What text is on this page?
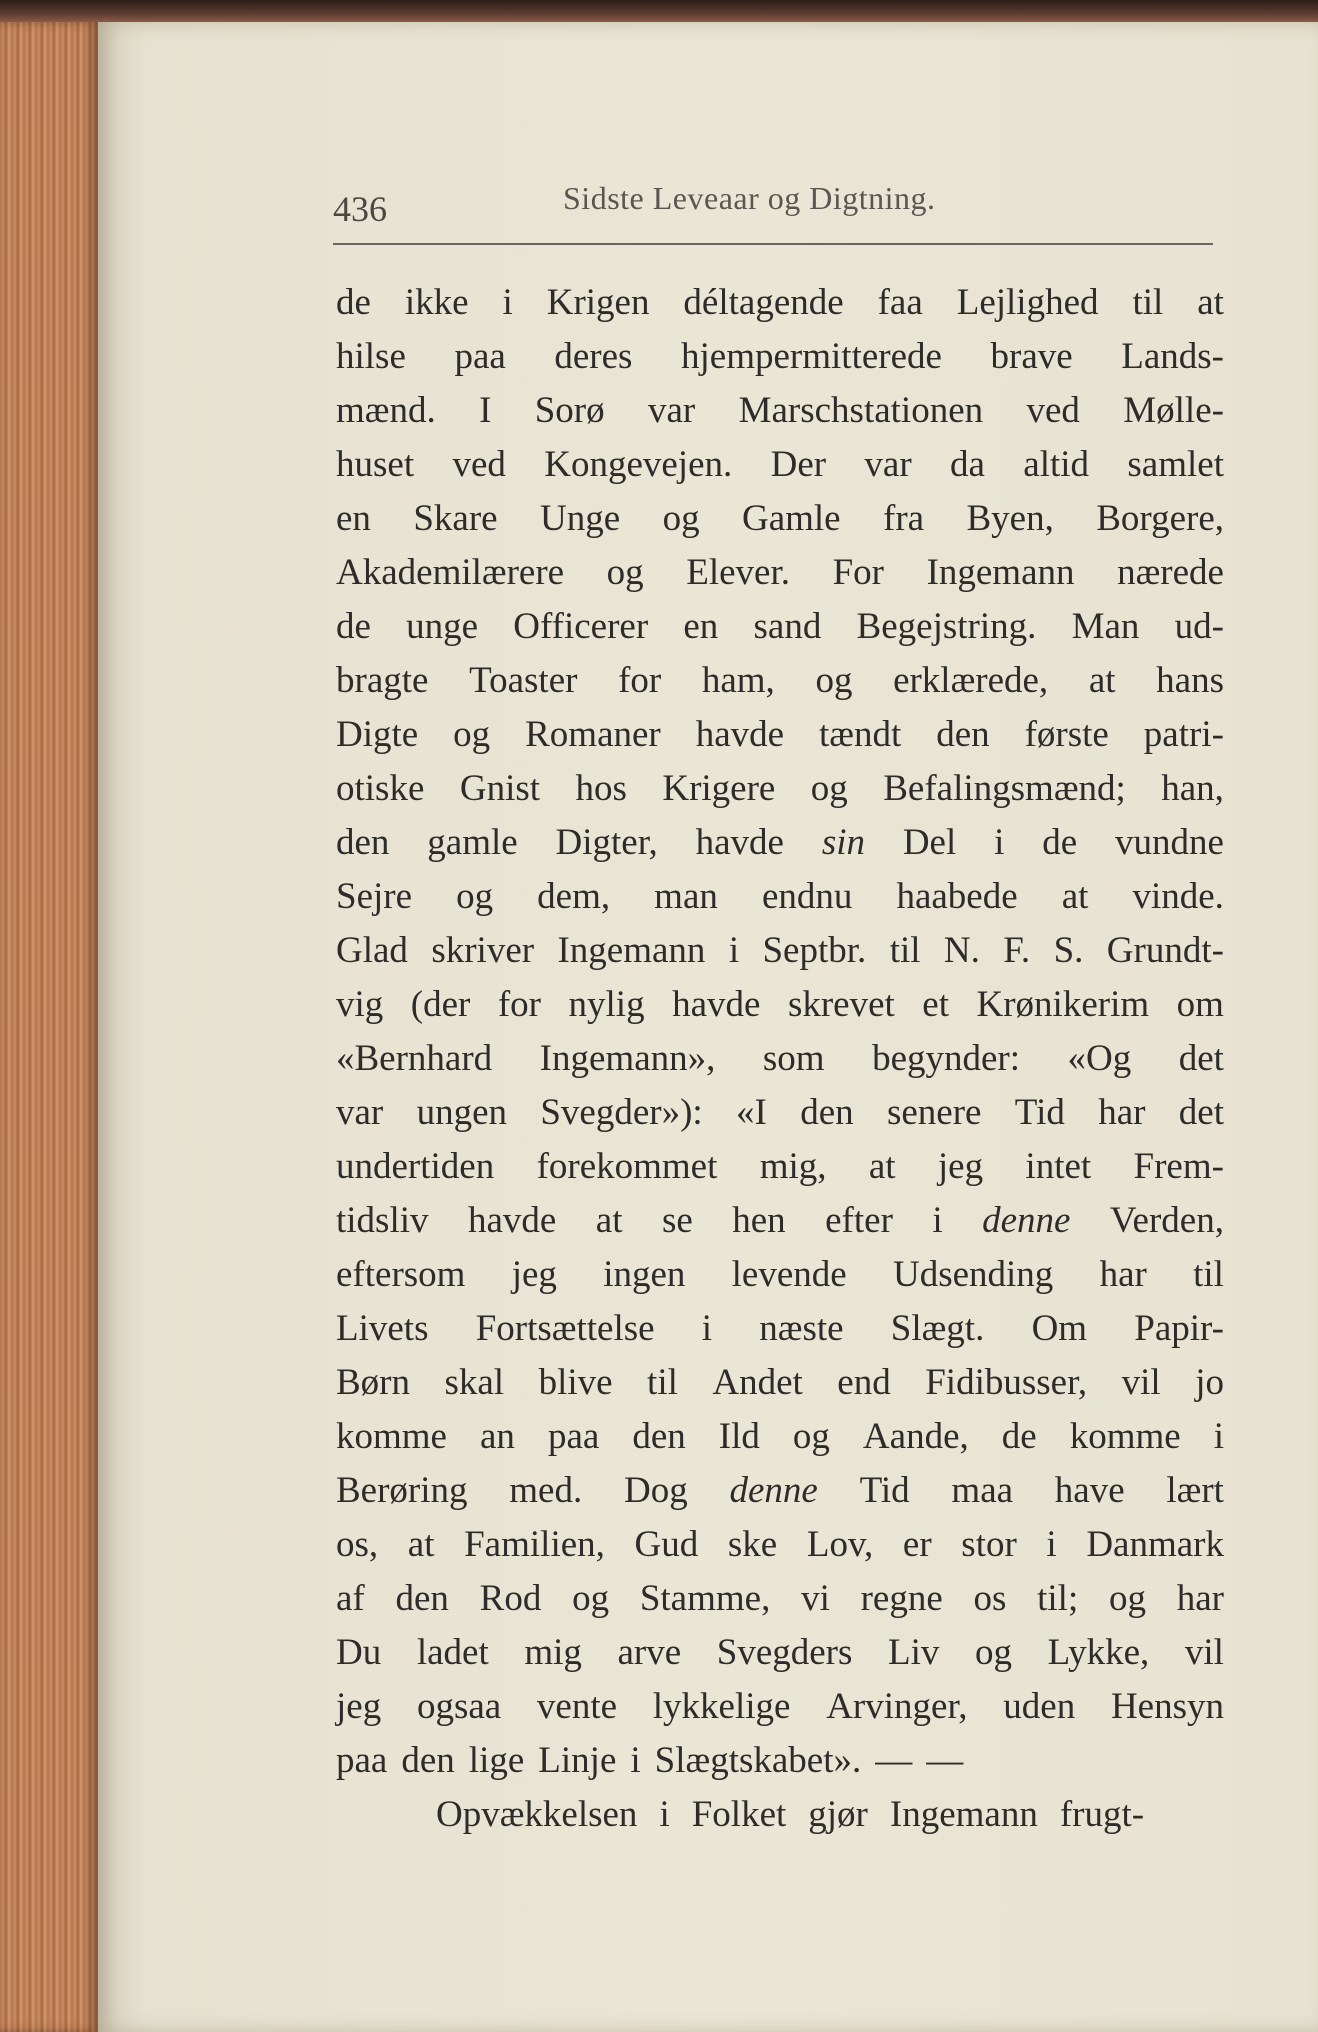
436	Sidste Leveaar og Digtning.
de ikke i Krigen déltagende faa Lejlighed til at
hilse paa deres hjempermitterede brave Lands-
mænd. I Sorø var Marschstationen ved Mølle-
huset ved Kongevejen. Der var da altid samlet
en Skare Unge og Gamle fra Byen, Borgere,
Akademilærere og Elever. For Ingemann nærede
de unge Officerer en sand Begejstring. Man ud-
bragte Toaster for ham, og erklærede, at hans
Digte og Romaner havde tændt den første patri-
otiske Gnist hos Krigere og Befalingsmænd; han,
den gamle Digter, havde sin Del i de vundne
Sejre og dem, man endnu haabede at vinde.
Glad skriver Ingemann i Septbr. til N. F. S. Grundt-
vig (der for nylig havde skrevet et Krønikerim om
«Bernhard Ingemann», som begynder: «Og det
var ungen Svegder»): «I den senere Tid har det
undertiden forekommet mig, at jeg intet Frem-
tidsliv havde at se hen efter i denne Verden,
eftersom jeg ingen levende Udsending har til
Livets Fortsættelse i næste Slægt. Om Papir-
Børn skal blive til Andet end Fidibusser, vil jo
komme an paa den Ild og Aande, de komme i
Berøring med. Dog denne Tid maa have lært
os, at Familien, Gud ske Lov, er stor i Danmark
af den Rod og Stamme, vi regne os til; og har
Du ladet mig arve Svegders Liv og Lykke, vil
jeg ogsaa vente lykkelige Arvinger, uden Hensyn
paa den lige Linje i Slægtskabet». — —
Opvækkelsen i Folket gjør Ingemann frugt-
